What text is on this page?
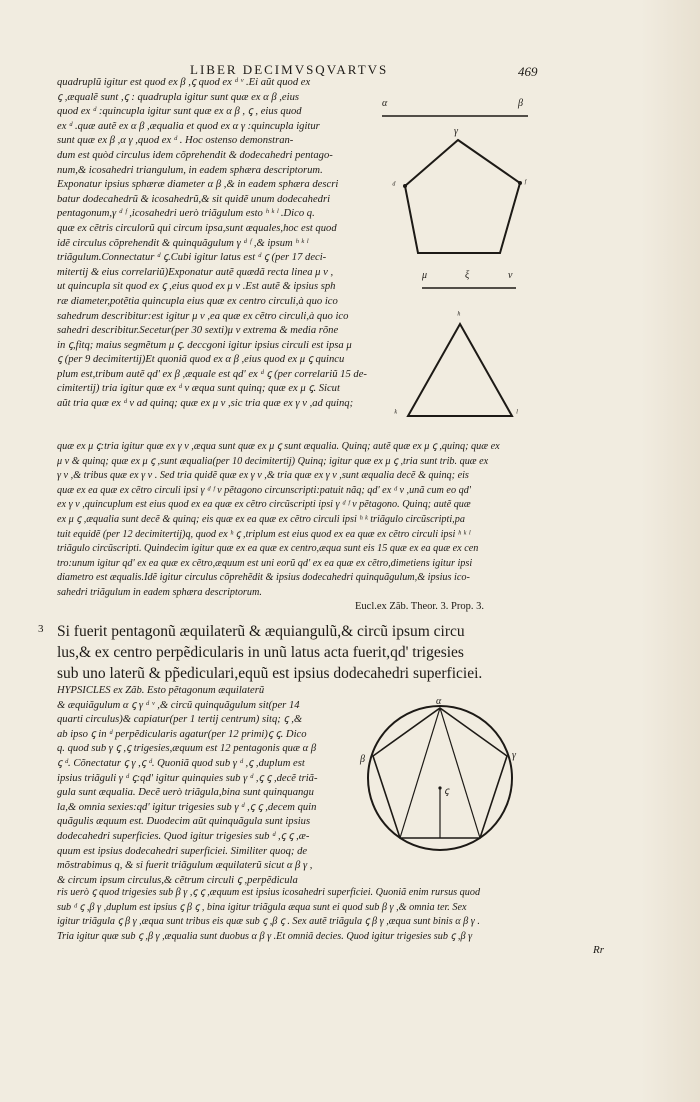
LIBER DECIMVSQVARTVS	469
quadruplũ igitur est quod ex β ,ꞔ quod ex ᵈ ᵛ .Ei aũt quod ex
ꞔ ,æqualẽ sunt ,ꞔ : quadrupla igitur sunt quæ ex α β ,eius
quod ex ᵈ :quincupla igitur sunt quæ ex α β , ꞔ , eius quod
ex ᵈ .quæ autẽ ex α β ,æqualia et quod ex α γ :quincupla igitur
sunt quæ ex β ,α γ ,quod ex ᵈ . Hoc ostenso demonstran-
dum est quòd circulus idem cõprehendit & dodecahedri pentago-
num,& icosahedri triangulum, in eadem sphæra descriptorum.
Exponatur ipsius sphæræ diameter α β ,& in eadem sphæra descri
batur dodecahedrũ & icosahedrũ,& sit quidẽ unum dodecahedri
pentagonum,γ ᵈ ᶠ ,icosahedri uerò triãgulum esto ʰ ᵏ ˡ .Dico q.
quæ ex cẽtris circulorũ qui circum ipsa,sunt æquales,hoc est quod
idẽ circulus cõprehendit & quinquãgulum γ ᵈ ᶠ ,& ipsum ʰ ᵏ ˡ
triãgulum.Connectatur ᵈ ꞔ.Cubi igitur latus est ᵈ ꞔ (per 17 deci-
mitertij & eius correlariũ)Exponatur autẽ quædã recta linea μ ν ,
ut quincupla sit quod ex ꞔ ,eius quod ex μ ν .Est autẽ & ipsius sph
ræ diameter,potẽtia quincupla eius quæ ex centro circuli,à quo ico
sahedrum describitur:est igitur μ ν ,ea quæ ex cẽtro circuli,à quo ico
sahedri describitur.Secetur(per 30 sexti)μ ν extrema & media rõne
in ꞔ,fitq; maius segmẽtum μ ꞔ. deccgoni igitur ipsius circuli est ipsa μ
ꞔ (per 9 decimitertij)Et quoniã quod ex α β ,eius quod ex μ ꞔ quincu
plum est,tribum autẽ qd' ex β ,æquale est qd' ex ᵈ ꞔ (per correlariũ 15 de-
cimitertij) tria igitur quæ ex ᵈ ν æqua sunt quinq; quæ ex μ ꞔ. Sicut
aũt tria quæ ex ᵈ ν ad quinq; quæ ex μ ν ,sic tria quæ ex γ ν ,ad quinq;
quæ ex μ ꞔ:tria igitur quæ ex γ ν ,æqua sunt quæ ex μ ꞔ sunt æqualia. Quinq; autẽ quæ ex μ ꞔ ,quinq; quæ ex
μ ν & quinq; quæ ex μ ꞔ ,sunt æqualia(per 10 decimitertij) Quinq; igitur quæ ex μ ꞔ ,tria sunt trib. quæ ex
γ ν ,& tribus quæ ex γ ν . Sed tria quidẽ quæ ex γ ν ,& tria quæ ex γ ν ,sunt æqualia decẽ & quinq; eis
quæ ex ea quæ ex cẽtro circuli ipsi γ ᵈ ᶠ ν pẽtagono circunscripti:patuit nãq; qd' ex ᵈ ν ,unã cum eo qd'
ex γ ν ,quincuplum est eius quod ex ea quæ ex cẽtro circũscripti ipsi γ ᵈ ᶠ ν pẽtagono. Quinq; autẽ quæ
ex μ ꞔ ,æqualia sunt decẽ & quinq; eis quæ ex ea quæ ex cẽtro circuli ipsi ʰ ᵏ triãgulo circũscripti,pa
tuit equidẽ (per 12 decimitertij)q, quod ex ʰ ꞔ ,triplum est eius quod ex ea quæ ex cẽtro circuli ipsi ʰ ᵏ ˡ
triãgulo circũscripti. Quindecim igitur quæ ex ea quæ ex centro,æqua sunt eis 15 quæ ex ea quæ ex cen
tro:unum igitur qd' ex ea quæ ex cẽtro,æquum est uni eorũ qd' ex ea quæ ex cẽtro,dimetiens igitur ipsi
diametro est æqualis.Idẽ igitur circulus cõprehẽdit & ipsius dodecahedri quinquãgulum,& ipsius ico-
sahedri triãgulum in eadem sphæra descriptorum.
Eucl.ex Zãb. Theor. 3. Prop. 3.
3 Si fuerit pentagonũ æquilaterũ & æquiangulũ,& circũ ipsum circu
lus,& ex centro perpẽdicularis in unũ latus acta fuerit,qd' trigesies
sub uno laterũ & pp̃ediculari,equũ est ipsius dodecahedri superficiei.
HYPSICLES ex Zãb. Esto pẽtagonum æquilaterũ
& æquiãgulum α ꞔ γ ᵈ ᵛ ,& circũ quinquãgulum sit(per 14
quarti circulus)& capiatur(per 1 tertij centrum) sitq; ꞔ ,&
ab ipso ꞔ in ᵈ perpẽdicularis agatur(per 12 primi)ꞔ ꞔ. Dico
q. quod sub γ ꞔ ,ꞔ trigesies,æquum est 12 pentagonis quæ α β
ꞔ ᵈ. Cõnectatur ꞔ γ ,ꞔ ᵈ. Quoniã quod sub γ ᵈ ,ꞔ ,duplum est
ipsius triãguli γ ᵈ ꞔ:qd' igitur quinquies sub γ ᵈ ,ꞔ ꞔ ,decẽ triã-
gula sunt æqualia. Decẽ uerò triãgula,bina sunt quinquangu
la,& omnia sexies:qd' igitur trigesies sub γ ᵈ ,ꞔ ꞔ ,decem quin
quãgulis æquum est. Duodecim aũt quinquãgula sunt ipsius
dodecahedri superficies. Quod igitur trigesies sub ᵈ ,ꞔ ꞔ ,æ-
quum est ipsius dodecahedri superficiei. Similiter quoq; de
mõstrabimus q, & si fuerit triãgulum æquilaterũ sicut α β γ ,
& circum ipsum circulus,& cẽtrum circuli ꞔ ,perpẽdicula
ris uerò ꞔ quod trigesies sub β γ ,ꞔ ꞔ ,æquum est ipsius icosahedri superficiei. Quoniã enim rursus quod
sub ᵈ ꞔ ,β γ ,duplum est ipsius ꞔ β ꞔ , bina igitur triãgula æqua sunt ei quod sub β γ ,& omnia ter. Sex
igitur triãgula ꞔ β γ ,æqua sunt tribus eis quæ sub ꞔ ,β ꞔ . Sex autẽ triãgula ꞔ β γ ,æqua sunt binis α β γ .
Tria igitur quæ sub ꞔ ,β γ ,æqualia sunt duobus α β γ .Et omniã decies. Quod igitur trigesies sub ꞔ ,β γ
Rr
α	β
γ
ᵈ	ᶠ
μ	ξ	ν
ʰ
ᵏ	ˡ
α
β	γ
ꞔ
